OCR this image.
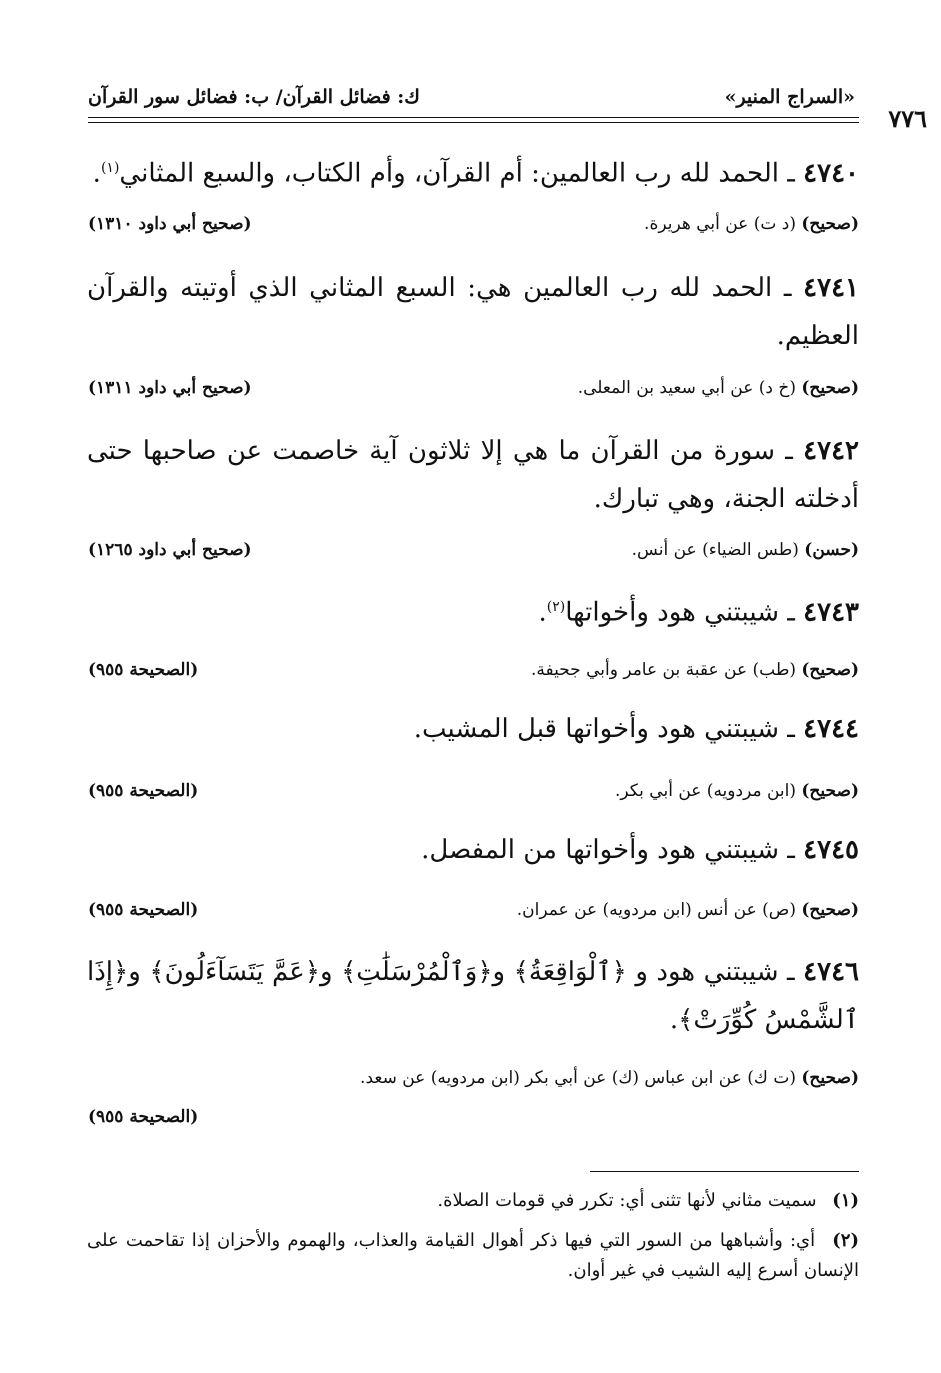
«السراج المنير»
ك: فضائل القرآن/ ب: فضائل سور القرآن
٧٧٦
٤٧٤٠ ـ الحمد لله رب العالمين: أم القرآن، وأم الكتاب، والسبع المثاني$^{(١)}$.
(صحيح) (د ت) عن أبي هريرة.
(صحيح أبي داود ١٣١٠)
٤٧٤١ ـ الحمد لله رب العالمين هي: السبع المثاني الذي أوتيته والقرآن العظيم.
(صحيح) (خ د) عن أبي سعيد بن المعلى.
(صحيح أبي داود ١٣١١)
٤٧٤٢ ـ سورة من القرآن ما هي إلا ثلاثون آية خاصمت عن صاحبها حتى أدخلته الجنة، وهي تبارك.
(حسن) (طس الضياء) عن أنس.
(صحيح أبي داود ١٢٦٥)
٤٧٤٣ ـ شيبتني هود وأخواتها$^{(٢)}$.
(صحيح) (طب) عن عقبة بن عامر وأبي جحيفة.
(الصحيحة ٩٥٥)
٤٧٤٤ ـ شيبتني هود وأخواتها قبل المشيب.
(صحيح) (ابن مردويه) عن أبي بكر.
(الصحيحة ٩٥٥)
٤٧٤٥ ـ شيبتني هود وأخواتها من المفصل.
(صحيح) (ص) عن أنس (ابن مردويه) عن عمران.
(الصحيحة ٩٥٥)
٤٧٤٦ ـ شيبتني هود و ﴿ٱلْوَاقِعَةُ﴾ و﴿وَٱلْمُرْسَلَٰتِ﴾ و﴿عَمَّ يَتَسَآءَلُونَ﴾ و﴿إِذَا ٱلشَّمْسُ كُوِّرَتْ﴾.
(صحيح) (ت ك) عن ابن عباس (ك) عن أبي بكر (ابن مردويه) عن سعد.
(الصحيحة ٩٥٥)
(١) سميت مثاني لأنها تثنى أي: تكرر في قومات الصلاة.
(٢) أي: وأشباهها من السور التي فيها ذكر أهوال القيامة والعذاب، والهموم والأحزان إذا تقاحمت على الإنسان أسرع إليه الشيب في غير أوان.
